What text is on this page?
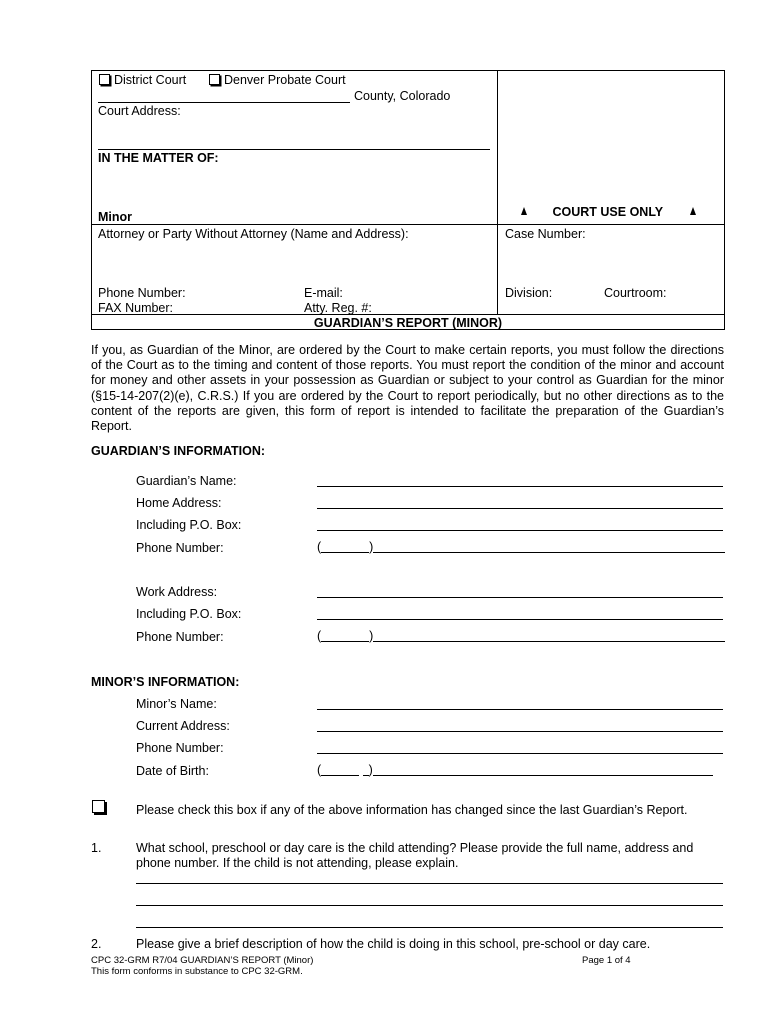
District Court	Denver Probate Court
County, Colorado
Court Address:
IN THE MATTER OF:
Minor	COURT USE ONLY
Attorney or Party Without Attorney (Name and Address):	Case Number:
Phone Number:	E-mail:
FAX Number:	Atty. Reg. #:
Division:	Courtroom:
GUARDIAN’S REPORT (MINOR)
If you, as Guardian of the Minor, are ordered by the Court to make certain reports, you must follow the directions
of the Court as to the timing and content of those reports. You must report the condition of the minor and account
for money and other assets in your possession as Guardian or subject to your control as Guardian for the minor
(§15-14-207(2)(e), C.R.S.) If you are ordered by the Court to report periodically, but no other directions as to the
content of the reports are given, this form of report is intended to facilitate the preparation of the Guardian’s
Report.
GUARDIAN’S INFORMATION:
Guardian’s Name:
Home Address:
Including P.O. Box:
Phone Number:	(	)
Work Address:
Including P.O. Box:
Phone Number:	(	)
MINOR’S INFORMATION:
Minor’s Name:
Current Address:
Phone Number:
Date of Birth:	(	)
Please check this box if any of the above information has changed since the last Guardian’s Report.
1.	What school, preschool or day care is the child attending? Please provide the full name, address and
phone number. If the child is not attending, please explain.
2.	Please give a brief description of how the child is doing in this school, pre-school or day care.
CPC 32-GRM R7/04 GUARDIAN’S REPORT (Minor)	Page 1 of 4
This form conforms in substance to CPC 32-GRM.
